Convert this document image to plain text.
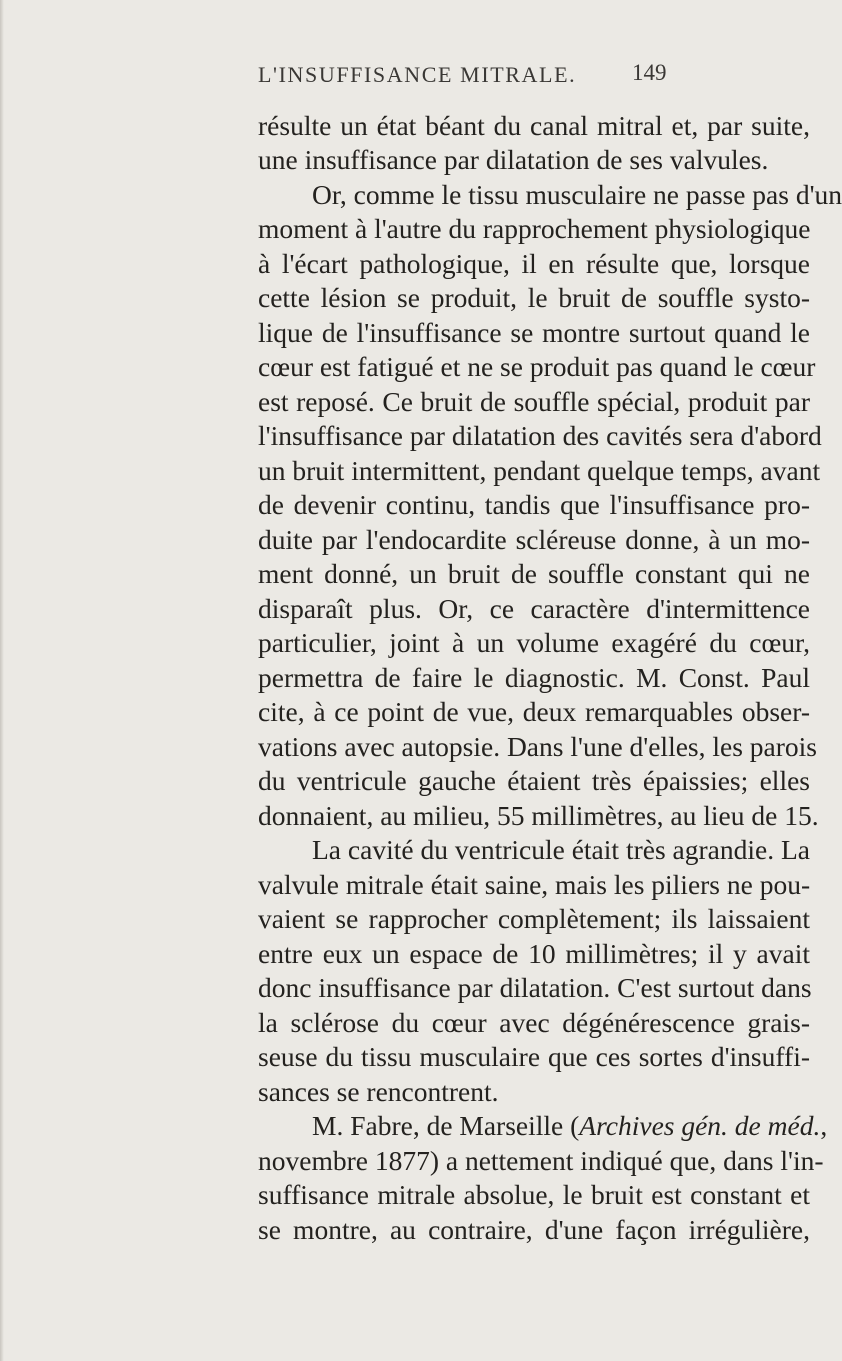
L'INSUFFISANCE MITRALE. 149
résulte un état béant du canal mitral et, par suite,
une insuffisance par dilatation de ses valvules.
Or, comme le tissu musculaire ne passe pas d'un
moment à l'autre du rapprochement physiologique
à l'écart pathologique, il en résulte que, lorsque
cette lésion se produit, le bruit de souffle systo-
lique de l'insuffisance se montre surtout quand le
cœur est fatigué et ne se produit pas quand le cœur
est reposé. Ce bruit de souffle spécial, produit par
l'insuffisance par dilatation des cavités sera d'abord
un bruit intermittent, pendant quelque temps, avant
de devenir continu, tandis que l'insuffisance pro-
duite par l'endocardite scléreuse donne, à un mo-
ment donné, un bruit de souffle constant qui ne
disparaît plus. Or, ce caractère d'intermittence
particulier, joint à un volume exagéré du cœur,
permettra de faire le diagnostic. M. Const. Paul
cite, à ce point de vue, deux remarquables obser-
vations avec autopsie. Dans l'une d'elles, les parois
du ventricule gauche étaient très épaissies; elles
donnaient, au milieu, 55 millimètres, au lieu de 15.
La cavité du ventricule était très agrandie. La
valvule mitrale était saine, mais les piliers ne pou-
vaient se rapprocher complètement; ils laissaient
entre eux un espace de 10 millimètres; il y avait
donc insuffisance par dilatation. C'est surtout dans
la sclérose du cœur avec dégénérescence grais-
seuse du tissu musculaire que ces sortes d'insuffi-
sances se rencontrent.
M. Fabre, de Marseille (Archives gén. de méd.,
novembre 1877) a nettement indiqué que, dans l'in-
suffisance mitrale absolue, le bruit est constant et
se montre, au contraire, d'une façon irrégulière,
